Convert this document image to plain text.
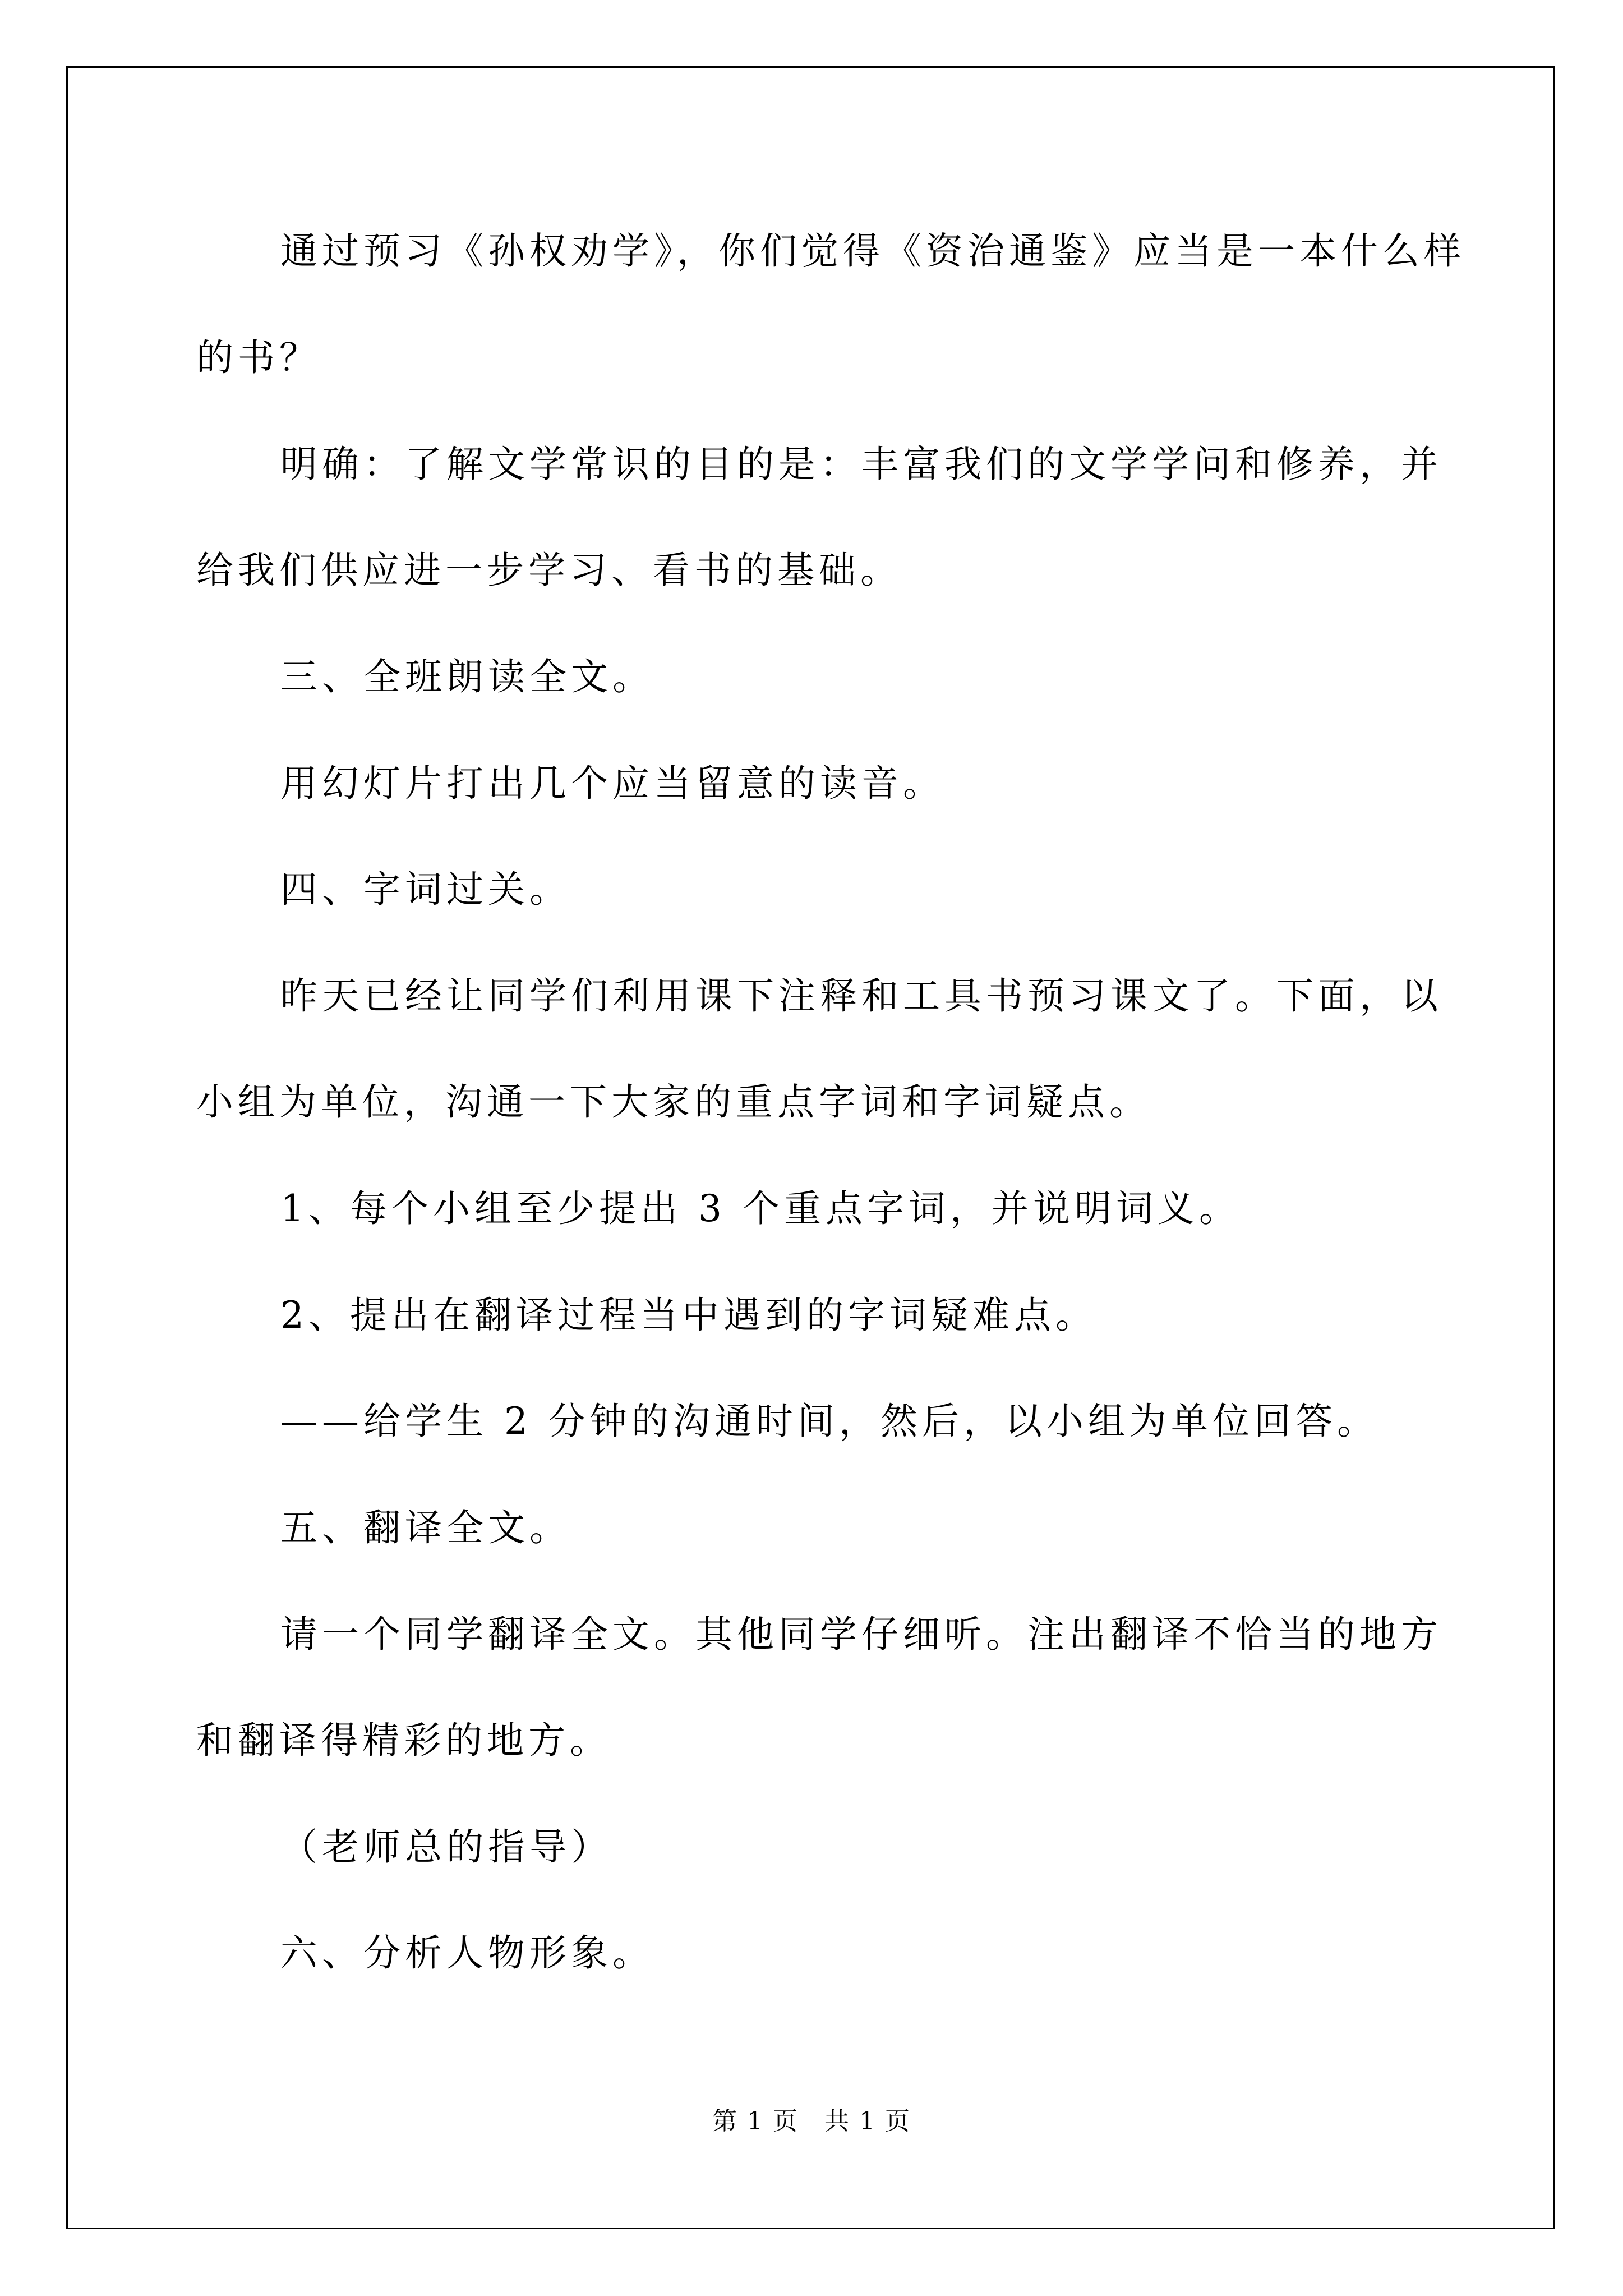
通过预习《孙权劝学》，你们觉得《资治通鉴》应当是一本什么样
的书？
明确：了解文学常识的目的是：丰富我们的文学学问和修养，并
给我们供应进一步学习、看书的基础。
三、全班朗读全文。
用幻灯片打出几个应当留意的读音。
四、字词过关。
昨天已经让同学们利用课下注释和工具书预习课文了。下面，以
小组为单位，沟通一下大家的重点字词和字词疑点。
1、每个小组至少提出 3 个重点字词，并说明词义。
2、提出在翻译过程当中遇到的字词疑难点。
——给学生 2 分钟的沟通时间，然后，以小组为单位回答。
五、翻译全文。
请一个同学翻译全文。其他同学仔细听。注出翻译不恰当的地方
和翻译得精彩的地方。
（老师总的指导）
六、分析人物形象。
第 1 页　共 1 页
